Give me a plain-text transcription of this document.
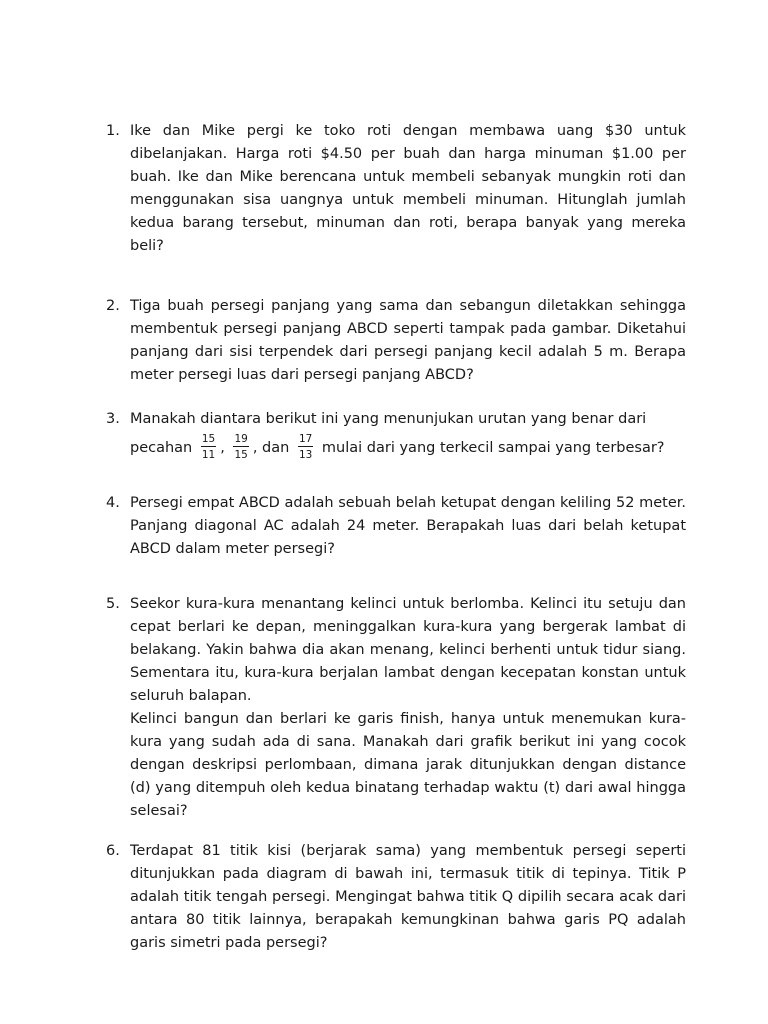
1. Ike dan Mike pergi ke toko roti dengan membawa uang $30 untuk dibelanjakan. Harga roti $4.50 per buah dan harga minuman $1.00 per buah. Ike dan Mike berencana untuk membeli sebanyak mungkin roti dan menggunakan sisa uangnya untuk membeli minuman. Hitunglah jumlah kedua barang tersebut, minuman dan roti, berapa banyak yang mereka beli?

2. Tiga buah persegi panjang yang sama dan sebangun diletakkan sehingga membentuk persegi panjang ABCD seperti tampak pada gambar. Diketahui panjang dari sisi terpendek dari persegi panjang kecil adalah 5 m. Berapa meter persegi luas dari persegi panjang ABCD?

3. Manakah diantara berikut ini yang menunjukan urutan yang benar dari

pecahan $\frac{15}{11}$ , $\frac{19}{15}$ , dan $\frac{17}{13}$ mulai dari yang terkecil sampai yang terbesar?

4. Persegi empat ABCD adalah sebuah belah ketupat dengan keliling 52 meter. Panjang diagonal AC adalah 24 meter. Berapakah luas dari belah ketupat ABCD dalam meter persegi?

5. Seekor kura-kura menantang kelinci untuk berlomba. Kelinci itu setuju dan cepat berlari ke depan, meninggalkan kura-kura yang bergerak lambat di belakang. Yakin bahwa dia akan menang, kelinci berhenti untuk tidur siang. Sementara itu, kura-kura berjalan lambat dengan kecepatan konstan untuk seluruh balapan.

Kelinci bangun dan berlari ke garis finish, hanya untuk menemukan kura-kura yang sudah ada di sana. Manakah dari grafik berikut ini yang cocok dengan deskripsi perlombaan, dimana jarak ditunjukkan dengan distance (d) yang ditempuh oleh kedua binatang terhadap waktu (t) dari awal hingga selesai?

6. Terdapat 81 titik kisi (berjarak sama) yang membentuk persegi seperti ditunjukkan pada diagram di bawah ini, termasuk titik di tepinya. Titik P adalah titik tengah persegi. Mengingat bahwa titik Q dipilih secara acak dari antara 80 titik lainnya, berapakah kemungkinan bahwa garis PQ adalah garis simetri pada persegi?
